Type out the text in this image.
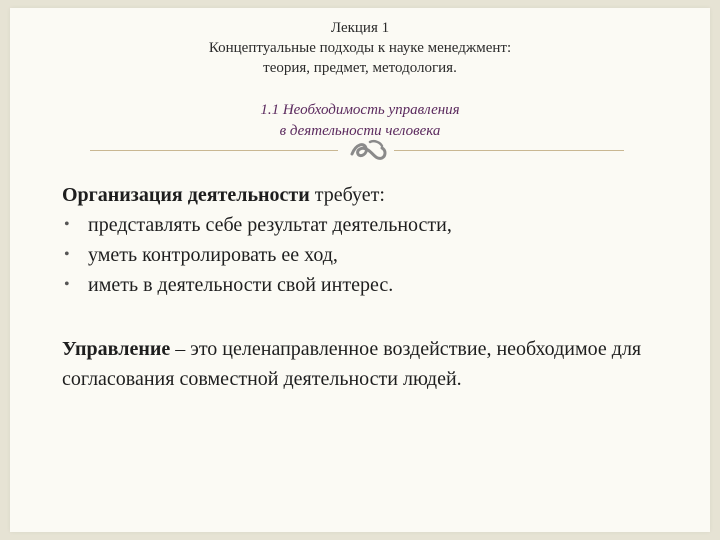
Лекция 1
Концептуальные подходы к науке менеджмент:
теория, предмет, методология.
1.1 Необходимость управления
в деятельности человека
Организация деятельности требует:
• представлять себе результат деятельности,
• уметь контролировать ее ход,
• иметь в деятельности свой интерес.
Управление – это целенаправленное воздействие, необходимое для согласования совместной деятельности людей.
